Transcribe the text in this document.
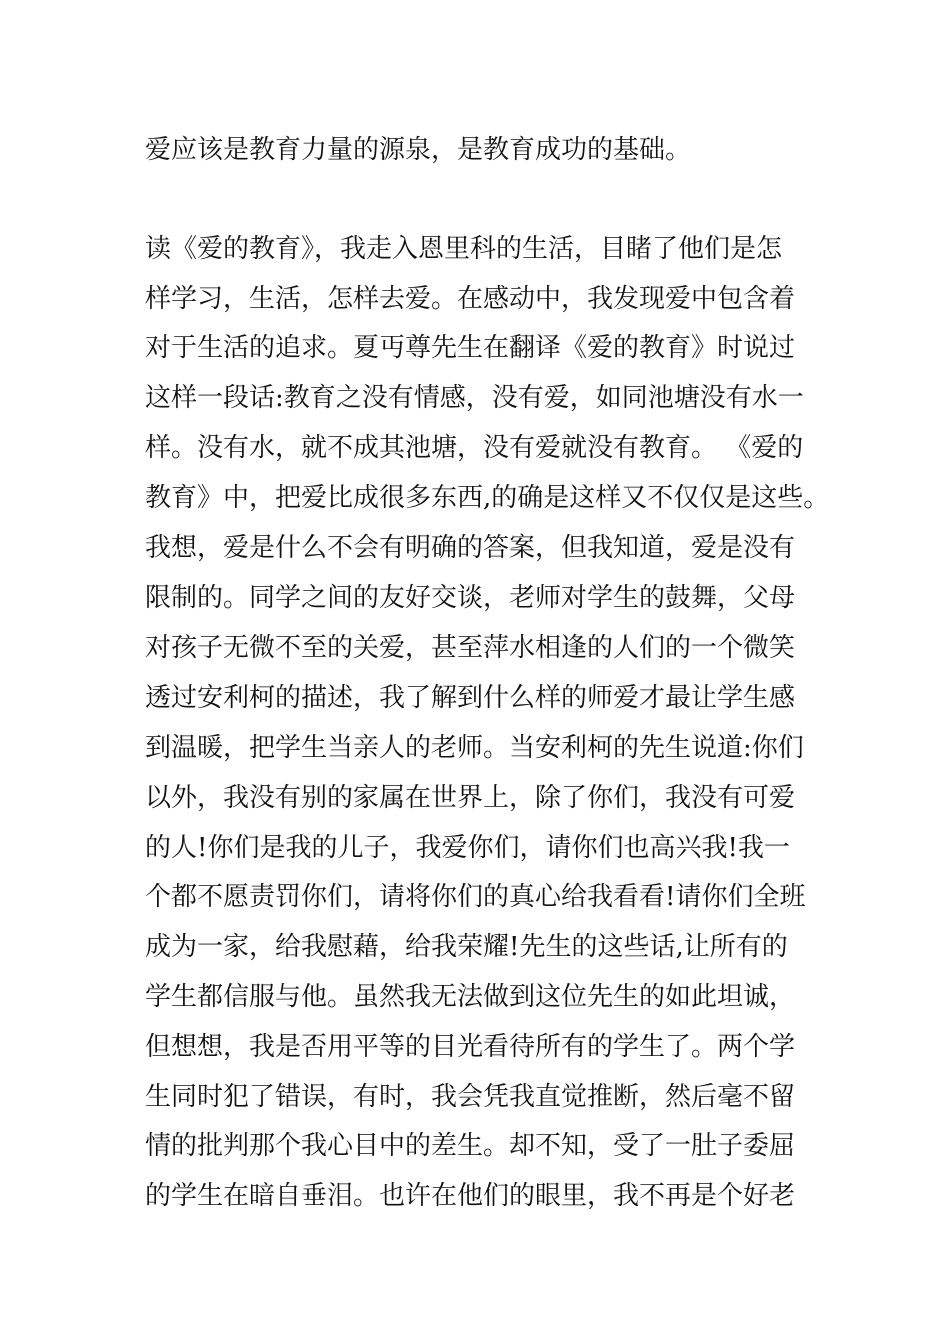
爱应该是教育力量的源泉，是教育成功的基础。
读《爱的教育》，我走入恩里科的生活，目睹了他们是怎
样学习，生活，怎样去爱。在感动中，我发现爱中包含着
对于生活的追求。夏丏尊先生在翻译《爱的教育》时说过
这样一段话:教育之没有情感，没有爱，如同池塘没有水一
样。没有水，就不成其池塘，没有爱就没有教育。 《爱的
教育》中，把爱比成很多东西,的确是这样又不仅仅是这些。
我想，爱是什么不会有明确的答案，但我知道，爱是没有
限制的。同学之间的友好交谈，老师对学生的鼓舞，父母
对孩子无微不至的关爱，甚至萍水相逢的人们的一个微笑
透过安利柯的描述，我了解到什么样的师爱才最让学生感
到温暖，把学生当亲人的老师。当安利柯的先生说道:你们
以外，我没有别的家属在世界上，除了你们，我没有可爱
的人!你们是我的儿子，我爱你们，请你们也高兴我!我一
个都不愿责罚你们，请将你们的真心给我看看!请你们全班
成为一家，给我慰藉，给我荣耀!先生的这些话,让所有的
学生都信服与他。虽然我无法做到这位先生的如此坦诚，
但想想，我是否用平等的目光看待所有的学生了。两个学
生同时犯了错误，有时，我会凭我直觉推断，然后毫不留
情的批判那个我心目中的差生。却不知，受了一肚子委屈
的学生在暗自垂泪。也许在他们的眼里，我不再是个好老
